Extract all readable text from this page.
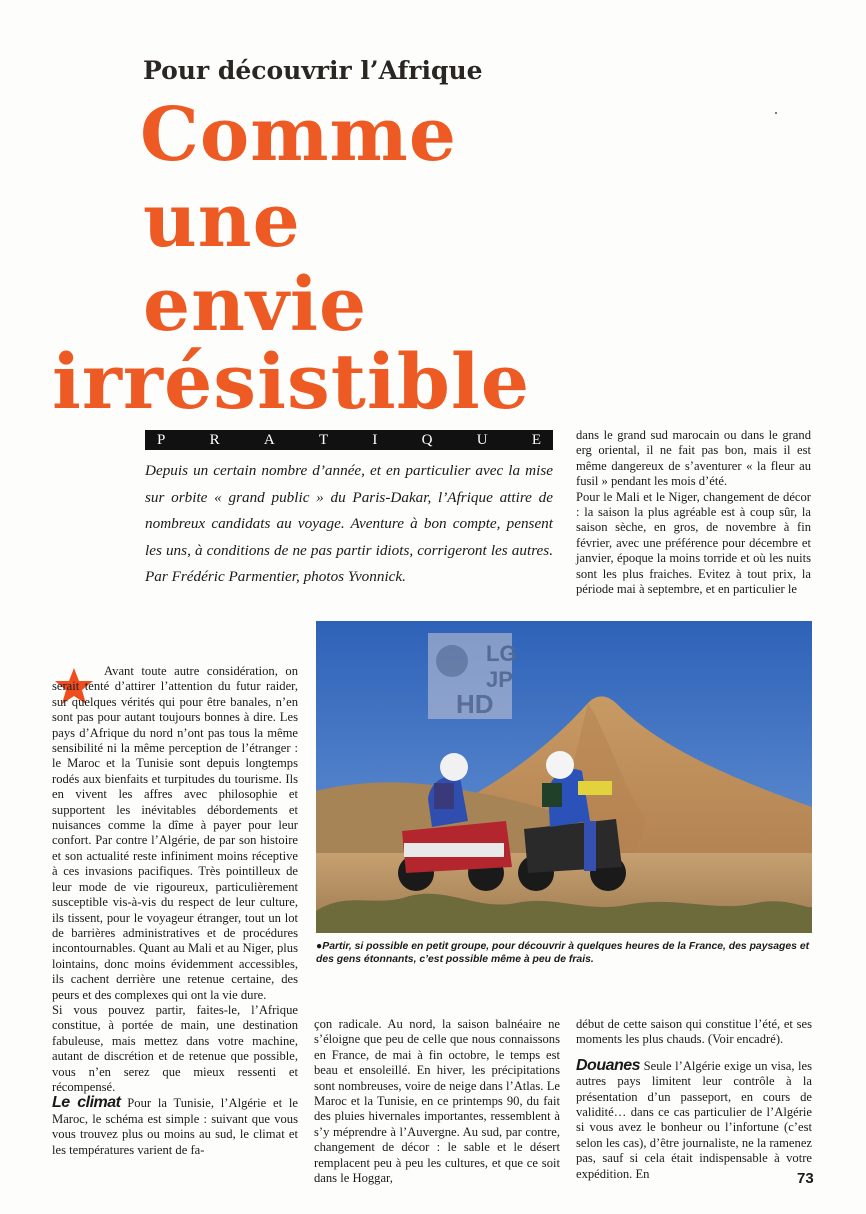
Pour découvrir l’Afrique
Comme
une
envie
irrésistible
P	R	A	T	I	Q	U	E

Depuis un certain nombre d’année, et en particulier avec la mise sur orbite « grand public » du Paris-Dakar, l’Afrique attire de nombreux candidats au voyage. Aventure à bon compte, pensent les uns, à conditions de ne pas partir idiots, corrigeront les autres. Par Frédéric Parmentier, photos Yvonnick.

dans le grand sud marocain ou dans le grand erg oriental, il ne fait pas bon, mais il est même dangereux de s’aventurer « la fleur au fusil » pendant les mois d’été.

Pour le Mali et le Niger, changement de décor : la saison la plus agréable est à coup sûr, la saison sèche, en gros, de novembre à fin février, avec une préférence pour décembre et janvier, époque la moins torride et où les nuits sont les plus fraiches. Evitez à tout prix, la période mai à septembre, et en particulier le

LG
JP
HD

●Partir, si possible en petit groupe, pour découvrir à quelques heures de la France, des paysages et des gens étonnants, c’est possible même à peu de frais.

Avant toute autre considération, on serait tenté d’attirer l’attention du futur raider, sur quelques vérités qui pour être banales, n’en sont pas pour autant toujours bonnes à dire. Les pays d’Afrique du nord n’ont pas tous la même sensibilité ni la même perception de l’étranger : le Maroc et la Tunisie sont depuis longtemps rodés aux bienfaits et turpitudes du tourisme. Ils en vivent les affres avec philosophie et supportent les inévitables débordements et nuisances comme la dîme à payer pour leur confort. Par contre l’Algérie, de par son histoire et son actualité reste infiniment moins réceptive à ces invasions pacifiques. Très pointilleux de leur mode de vie rigoureux, particulièrement susceptible vis-à-vis du respect de leur culture, ils tissent, pour le voyageur étranger, tout un lot de barrières administratives et de procédures incontournables. Quant au Mali et au Niger, plus lointains, donc moins évidemment accessibles, ils cachent derrière une retenue certaine, des peurs et des complexes qui ont la vie dure.

Si vous pouvez partir, faites-le, l’Afrique constitue, à portée de main, une destination fabuleuse, mais mettez dans votre machine, autant de discrétion et de retenue que possible, vous n’en serez que mieux ressenti et récompensé.

Le climat Pour la Tunisie, l’Algérie et le Maroc, le schéma est simple : suivant que vous vous trouvez plus ou moins au sud, le climat et les températures varient de fa-

çon radicale. Au nord, la saison balnéaire ne s’éloigne que peu de celle que nous connaissons en France, de mai à fin octobre, le temps est beau et ensoleillé. En hiver, les précipitations sont nombreuses, voire de neige dans l’Atlas. Le Maroc et la Tunisie, en ce printemps 90, du fait des pluies hivernales importantes, ressemblent à s’y méprendre à l’Auvergne. Au sud, par contre, changement de décor : le sable et le désert remplacent peu à peu les cultures, et que ce soit dans le Hoggar,

début de cette saison qui constitue l’été, et ses moments les plus chauds. (Voir encadré).

Douanes Seule l’Algérie exige un visa, les autres pays limitent leur contrôle à la présentation d’un passeport, en cours de validité… dans ce cas particulier de l’Algérie si vous avez le bonheur ou l’infortune (c’est selon les cas), d’être journaliste, ne la ramenez pas, sauf si cela était indispensable à votre expédition. En	73
